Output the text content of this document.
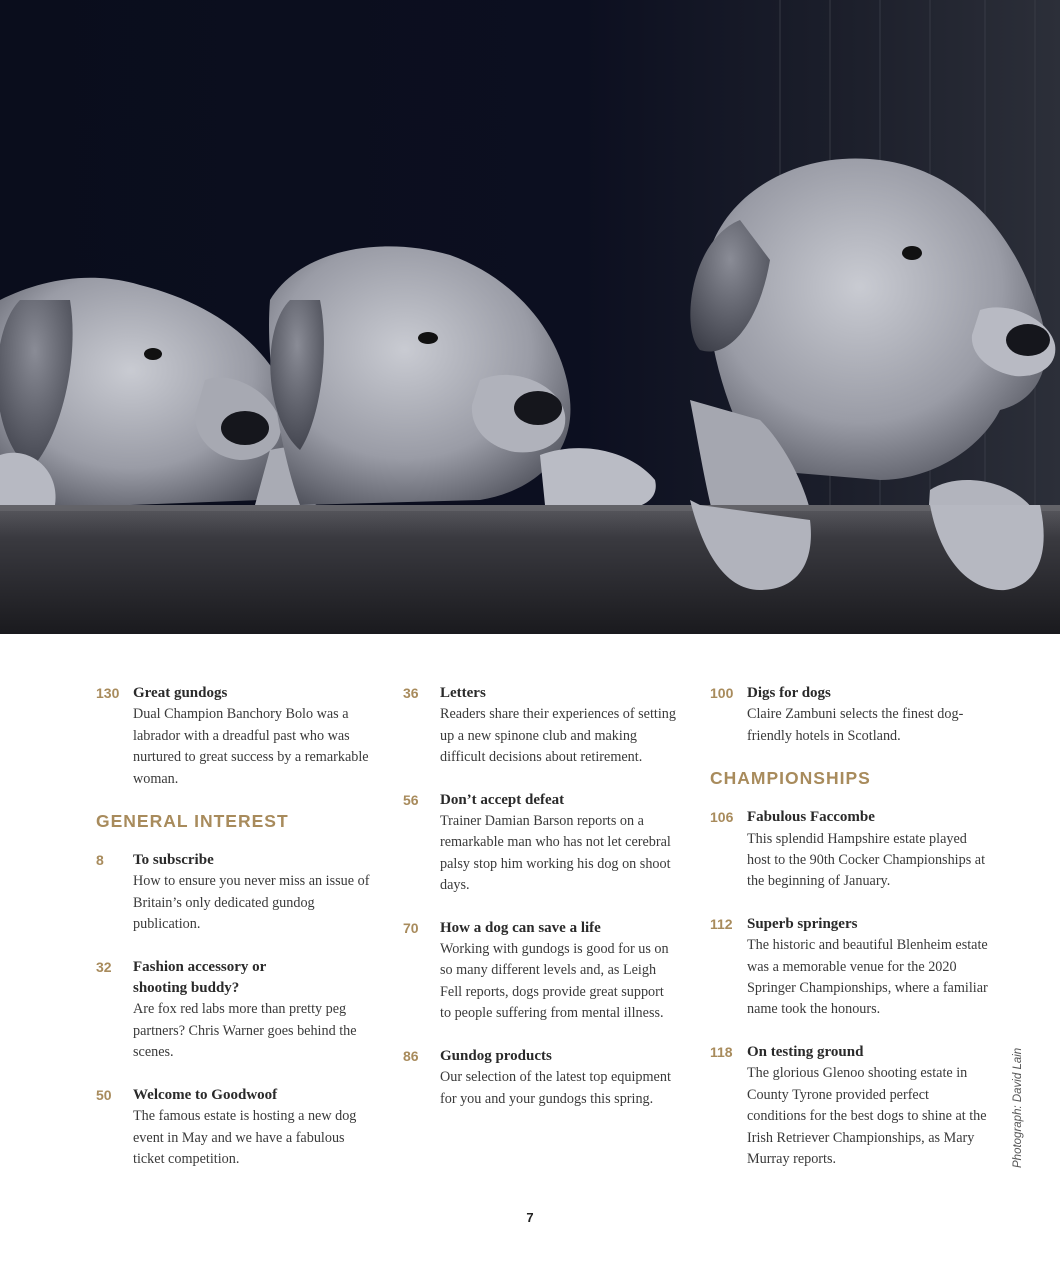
130 Great gundogs
Dual Champion Banchory Bolo was a labrador with a dreadful past who was nurtured to great success by a remarkable woman.
GENERAL INTEREST
8 To subscribe
How to ensure you never miss an issue of Britain’s only dedicated gundog publication.
32 Fashion accessory or shooting buddy?
Are fox red labs more than pretty peg partners? Chris Warner goes behind the scenes.
50 Welcome to Goodwoof
The famous estate is hosting a new dog event in May and we have a fabulous ticket competition.
36 Letters
Readers share their experiences of setting up a new spinone club and making difficult decisions about retirement.
56 Don’t accept defeat
Trainer Damian Barson reports on a remarkable man who has not let cerebral palsy stop him working his dog on shoot days.
70 How a dog can save a life
Working with gundogs is good for us on so many different levels and, as Leigh Fell reports, dogs provide great support to people suffering from mental illness.
86 Gundog products
Our selection of the latest top equipment for you and your gundogs this spring.
100 Digs for dogs
Claire Zambuni selects the finest dog-friendly hotels in Scotland.
CHAMPIONSHIPS
106 Fabulous Faccombe
This splendid Hampshire estate played host to the 90th Cocker Championships at the beginning of January.
112 Superb springers
The historic and beautiful Blenheim estate was a memorable venue for the 2020 Springer Championships, where a familiar name took the honours.
118 On testing ground
The glorious Glenoo shooting estate in County Tyrone provided perfect conditions for the best dogs to shine at the Irish Retriever Championships, as Mary Murray reports.	Photograph: David Lain
7
